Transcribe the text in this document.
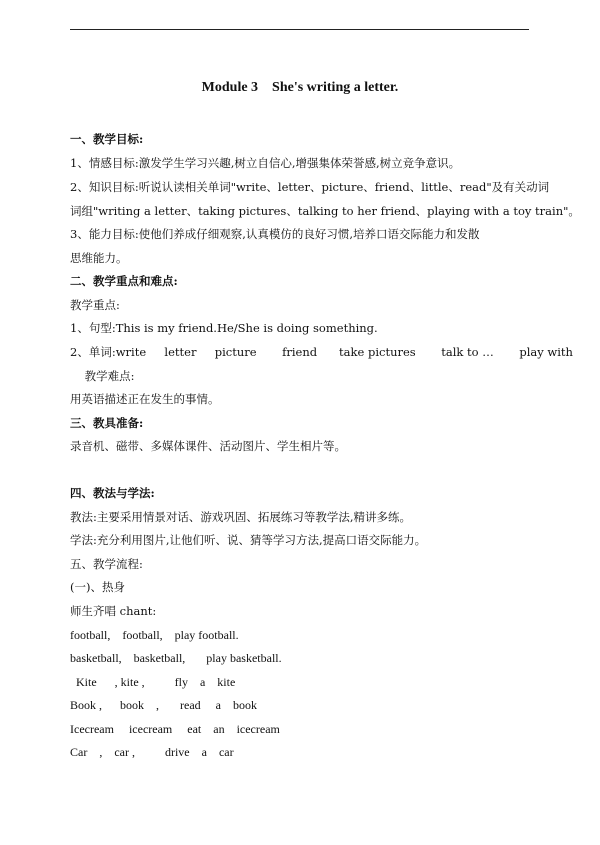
Module 3    She's writing a letter.
一、教学目标:
1、情感目标:激发学生学习兴趣,树立自信心,增强集体荣誉感,树立竞争意识。
2、知识目标:听说认读相关单词"write、letter、picture、friend、little、read"及有关动词
词组"writing a letter、taking pictures、talking to her friend、playing with a toy train"。
3、能力目标:使他们养成仔细观察,认真模仿的良好习惯,培养口语交际能力和发散
思维能力。
二、教学重点和难点:
教学重点:
1、句型:This is my friend.He/She is doing something.
2、单词:write     letter     picture       friend      take pictures       talk to …       play with
教学难点:
用英语描述正在发生的事情。
三、教具准备:
录音机、磁带、多媒体课件、活动图片、学生相片等。
四、教法与学法:
教法:主要采用情景对话、游戏巩固、拓展练习等教学法,精讲多练。
学法:充分利用图片,让他们听、说、猜等学习方法,提高口语交际能力。
五、教学流程:
(一)、热身
师生齐唱 chant:
football,    football,    play football.
basketball,    basketball,       play basketball.
Kite      , kite ,          fly    a    kite
Book ,      book    ,       read     a    book
Icecream     icecream     eat    an    icecream
Car    ,    car ,          drive    a    car
